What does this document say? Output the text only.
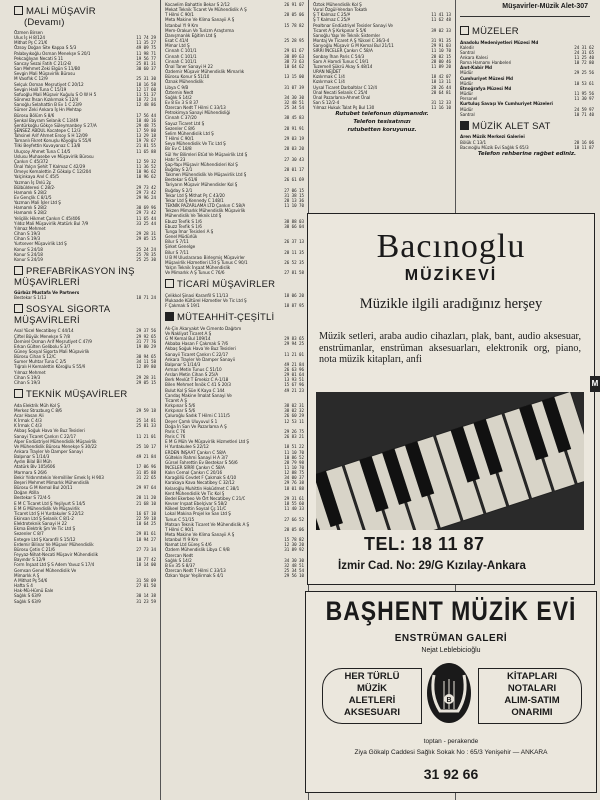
Müşavirler-Müzik Alet-307
MALİ MÜŞAVİR
(Devamı)
Özmen Birsen
Ulus İş H 8/124	11 74 29
Mithat Pş C 21/6	11 35 27
Özsoy Doğan Site Kappa S 5/3	49 09 75
Palabıyıkoğlu Osman Menekşe S 20/1	11 98 71
Pekcağlıyan Necati S 11	19 56 77
Sancay Sezai Fatih C 21/2-B	25 81 31
Sarı Mehmet Zeki Elgün S 11/B0	30 60 37
Sevgin Mali Müşavirlik Bürosu
M Vasıflık C 12/9	25 31 30
Selçuk Osman Meşrutiyet C 20/12	18 16 58
Sevgin Halil Tuna C 15/19	12 17 60
Sofuoğlu Mali Müşavir Kuğulu S O W H 5	11 51 37
Sönmez İhsan Kızılırmak S 12/4	18 72 24
Sarıoğlu Selahattin B Ev 1 C 23/9	12 48 86
Sümer Zeki Ankara İş Hn Mehtap
Bürosu Bölüm S 8/6	17 56 44
Şenkal Bayram Selanik C 13/49	18 40 16
Şentürkoğlu Gökçe Süleymanbey S 27/A	29 48 75
ŞENSEZ ABDUL Kocatepe C 12/3	17 59 80
Tahsinel Arif Ahmet Ersoy S H 12/09	13 29 18
Tomanlı Fikret Konuşlu Köyoğlu S 55/9	19 78 67
Tilki Beyfettin Kuvayanaz C 13/8	21 81 55
Uluçsoy Ahmet Tuna C 14/5	11 65 88
Uslusu Muhasebe ve Müşavirlik Bürosu
Çankırı C 45/372	12 59 32
Ünal Yalçın Şehit T Kalmaz C 42/29	11 36 52
Ümeys Kemalettin Z Gökalp C 12/204	10 96 62
Yalçinkaya Anıl C 45/5	10 96 62
Yazman İş Ünlü 2p
Bülbülderesi C 28/2-	29 73 42
Hamamlı S 28/2	29 73 42
Ev Gençlik C 8/1/5	29 96 24
Yazman Mali İşler Ltd Ş
Hamamlı S 28/2	30 69 96
Hamamlı S 28/2	29 73 42
Yeliçilik Hikmet Çankırı C 45/406	11 65 44
Yıldız Mali Müşavirlik Atatürk Bul 7/9	33 25 44
Yılmaz Mehmet
Cihan S 19/3	29 28 31
Cihan S 19/3	29 05 15
Yurtsever Müşavirlik Ltd Ş
Konur S 24/18	25 24 24
Konur S 24/18	25 78 35
Konur S 24/19	25 25 30
PREFABRİKASYON İNŞ MÜŞAVİRLERİ
Gürbüz Mustafa Ve Partners
Bestekar S 1/13	18 71 24
SOSYAL SİGORTA MÜŞAVİRLERİ
Asal Yücel Necatibey C 44/14	29 37 56
Çiftel Büyük Menekşe S 7/8	29 92 65
Demirel Osman Arif Meşrutiyet C 47/9	31 77 76
Erkan Gülten Gelibolu S 3/7	19 80 29
Güney Sosyal Sigorta Mali Müşavirlik
Bürosu Cihan S 12/C	30 94 65
Sumer Muhtar Tuna C 2/5	34 11 58
Tığralı H Kemalettin Köroğlu S 55/9	12 89 80
Yılmaz Mehmet
Cihan S 19/3	29 28 31
Cihan S 19/3	29 05 15
TEKNİK MÜŞAVİRLER
Ada Elektrik Müh Kol Ş
Merkez Strazburg C 8/6	29 59 18
Acar Hasan Ali
K İrmak C 4/3	25 14 81
K İrmak C 4/3	25 81 33
Akbaş Soğuk Hava Ve Buz Tesisleri
Sanayi Ticaret Çankırı C 22/17	11 21 01
Alper Endüstriyel Mühendislik Müşavirlik
Ve Mühendislik Bürosu Menekşe S 30/22	25 10 17
Ankara Trayler Ve Damper Sanayi
Balpınar S 1/14/3	49 21 84
Aydın Bilal Bil Müh
Atatürk Blv 105/606	17 06 96
Marmara S 26/6	31 85 88
Bekir Yıldırımtekin Vermilliler Emek İş H 903	31 22 65
Beşeri Mehmet Mimarlık Mühendislik
Bürosu G M Kemal Bul 20/11	29 97 64
Doğan Atilla
Bestekar S 72/4-5	28 11 20
E M C Ticaret Ltd Ş Yeşilyurt S 14/5	21 68 10
E M G Mühendislik Ve Müşavirlik
Ticaret Ltd Ş H Yurdakuler S 22/12	16 67 10
Ekinsan Ltd Ş Selanik C 8/1-2	22 59 18
Elektroteknik Sanayi H 22	10 64 25
Ekma Elektrik Şm Ve Tic Ltd Ş
Sezenler C 8/7	29 81 61
Entegre Ltd Ş Karanfil S 15/12	18 94 27
Erdemir Bilinar Ve Müşavir Mühendislik
Bürosu Çetin C 21/6	27 73 34
Feyyaz-Nihat-Necati Müşavir Mühendislik
Bayındır S 12/9	18 77 42
Form İnşaat Ltd Ş S Adem Yavuz S 17/4	18 14 00
Gemsan Genel Mühendislik Ve
Mimarlık A Ş
A Mithat Pş 54/6	31 58 09
Hafta S 4	27 01 50
Hak-Mü-Hümü Eale
Sağlık S 63/9	30 14 38
Sağlık S 63/9	31 23 59
Kocaelim Bahattin Bekar S 2/12	26 91 07
Mekat Teknik Ticaret Ve Mühendislik A Ş
T Hilmi C 90/1	28 05 06
Meta Makine Ve Klima Sanayii A Ş
İstanbul Yl 9 Km	15 78 82
Mem-Orakun Ve Turizm Araştırma
Danışmanlık Eğitim Ltd Ş
Esat C 41/4	25 28 95
Mimar Ltd Ş
Cinnah C 101/1	29 61 67
Cinnah C 101/1	38 89 63
Cinnah C 101/1	38 73 63
Önal Taner Sanayi H 22	10 64 62
Özdemir Müşavir Mühendislik Mimarlık
Bürosu Konur S 51/10	13 15 00
Öznak Mühendislik
Libya C 9/B	31 07 39
Öztemin Nedt
Sağlık S 14/2	34 30 30
Ev 8 Ev 3 S 8 37	32 48 51
Özercan Nedt T Hilmi C 33/13	25 34 54
Petrokimya Sanayi Mühendisliği
Cinnah C 37/20	38 45 83
Sayuz Ticaret Ltd Ş
Sezenler C 8/6	28 91 91
Selim Mühendislik Ltd Ş
T Hilmi C 90/1	29 03 19
Seyo Mühendislik Ve Tic Ltd Ş
Bir Ev C 18/8	28 03 20
Sül Yer Bilimleri Etüd Ve Müşavirlik Ltd Ş
Hatır S 23	27 30 43
Şap-Yapı Müşavir Mühendisleri Kol Ş
Buğday S 2/1	28 01 17
Takmen Mühendislik Ve Müşavirlik Ltd Ş
Bestekar S 61/8	26 61 69
Tariyarın Müşavir Mühendisler Kol Ş
Buğday S 2/1	27 06 15
Tekar Ltd Ş Mithat Pş C 43/20	31 38 15
Tekar Ltd Ş Kennedy C 148/1	28 13 36
TEKNİK PAZARLAMA LTD Çankırı C 58/A	11 10 70
Tekzen Mimarlık Mühendislik Müşavirlik
Mühendislik Ve Teknik Ltd Ş
Ebuzz Tevfik S 1/6	38 88 03
Ebuzz Tevfik S 1/6	38 66 04
Tunga İmar Tesisleri A Ş
Genel Müdürlük
Bilur S 7/11	26 37 13
Şirket Genelge
Bilur S 7/11	28 11 35
U B M Uluslararası Birleşmiş Müşavirler
Müşavirlik Hizmetleri LTd Ş Tunus C 90/1	26 52 35
Yalçın Teknik İnşaat Mühendislik
Ve Mimarlık A Ş Tunus C 76/6	27 81 58
TİCARİ MÜŞAVİRLER
Çelikkol Şinasi Karanfil S 11/13	18 06 20
Mukaade Kültürel Hizmetler Ve Tic Ltd Ş
F Çakmak S 19/1	18 87 95
MÜTEAHHİT-ÇEŞİTLİ
Ak-Çin Akaryakıt Ve Cimento Dağıtım
Ve Nakliyat Ticaret A Ş
G M Kemal Bul 109/14	29 83 65
Akbaba Hasan F Çakmak S 7/6	29 94 25
Akbaş Soğuk Hava Ve Buz Tesisleri
Sanayii Ticaret Çankırı C 22/17	11 21 01
Ankara Trayler Ve Damper Sanayii
Balpınar S 1/14/3	49 21 84
Arman Metin Tunus C 51/10	26 63 96
Arslan Metin Cihan S 25/A	29 01 64
Berk Mevlüt T Emekiz C A-1/18	13 93 51
Bilen Mehmet İnnök C 41 S 20/3	15 67 96
Bulut Kol Ş Süe K Kaya C 144	49 21 23
Candaş Makine İmalat Sanayi Ve
Ticaret A Ş
Kırkpınar S 5/6	38 02 31
Kırkpınar S 5/6	38 02 32
Çaluroğlu Sadık T Hilmi C 111/5	26 60 29
Deyer Çamlı Uluyuvul S 1	12 53 11
Doğa İn San Ve Pazarlama A Ş
Paris C 76	29 26 75
Paris C 76	26 83 21
E M G Müh Ve Müşavirlik Hizmetleri Ltd Ş
H Yurdakulee S 22/12	18 51 22
ERDEN İNŞAAT Çankırı C 58/A	11 10 70
Gültekin Rahmi Sanayi H A 3/7	10 86 52
Gürsel Fahrettin Ev Bestekar S 56/6	28 79 98
İNCELER SİRRİ Çankırı C 58/A	11 10 70
Kalın Cemal Çankırı C 20/16	12 88 75
Karagöllü Cevdet F Çakmak S 4/10	34 00 37
Karakaya Kava Necatibey C 32/12	29 76 38
Kelaroğlu Muhittin Hoküdmet C 38/1	18 01 88
Kent Mühendislik Ve Tic Kol Ş
Bedel Ekerbeo Ve Ört Necatibey C 21/C	29 31 61
Kevser Inşaat Ebelçivar S 58/2	18 55 60
Kökeel İzzettin Soysal Çş 11/C	11 40 33
Lokal Makina Projel ke San Ltd Ş
Tunus C 51/15	27 66 52
Matsan Teknik Ticaret Ve Mühendislik A Ş
T Hilmi C 90/1	28 05 06
Meta Makine Ve Klima Sanayii A Ş
İstanbul Yl 9 Km	15 78 82
Namat Ltd Güreş S 4/6	12 30 20
Özdem Mühendislik Libya C 9/B	31 89 92
Özercan Nedt
Sağlık S 14/2	34 30 30
B Ev 35 S 8/37	32 48 51
Özercan Nedt T Hilmi C 33/13	25 34 54
Özkan Yaşar Yeşilirmak S 4/1	29 56 10
Öztok Mühendislik Kol Ş
Vural Özgül-Vendan Tokatlı
Ş T Kalmaz C 25/A	11 41 13
Ş T Kalmaz C 25/A	11 62 48
Pealtınar Endüstriyel Tesisler Sanayi Ve
Ticaret A Ş Kırkpınar S 5/6	39 02 33
Sarıoğlu Yapı Ve Teknik Sistemler
Montaj Ve Ticaret A Ş Yüksel C 36/3-4	31 91 35
Sarıyoğlu Müşavir G M Kemal Bul 21/11	29 91 03
SIRRI İNCELER Çankırı C 58/A	11 10 70
Sonbay İhan Paris C 54/3	28 02 15
Sam A Hamdi Tunus C 19/1	28 00 46
Tuzemell Şükrü Akay S 48/14	11 89 20
URAN NEJDET
Kızılırmak C 1/4	18 42 07
Kızılırmak C 1/4	18 13 11
Uysal Ticaret Darbaltılar C 12/4	28 26 44
Ünal Necati Selanik C 25/4	28 64 81
Ünal Pazarlama-Ahmet Ünal
San S 12/2-4	31 12 33
Yılmaz Hukuk Talat Pş Bul 130	11 16 10
Rutubet telefonun düşmanıdır.
Telefon tesisatınızı
rutubetten koruyunuz.
MÜZELER
Anadolu Medeniyetleri Müzesi Md
Kaledir	24 31 62
Santral	24 31 65
Ankara Kalesi	11 25 40
Roma Hamamı Hanbeleri	10 72 80
Anıt-Kabir Md
Müdür	29 25 56
Cumhuriyet Müzesi Md
Müdür	10 53 61
Etnoğrafya Müzesi Md
Müdür	11 95 56
Personel	11 30 97
Kurtuluş Savaşı Ve Cumhuriyet Müzeleri
Müdür	24 59 97
Santral	10 71 40
MÜZİK ALET SAT
Aren Müzik Merkezi Galeriei
Bölük C 13/1	28 16 06
Bacınoğlu Müzik Evi Sağlık S 65/3	18 11 87
Telefon rehberine rağbet ediniz.
Bacınoglu
MÜZİKEVİ
Müzikle ilgili aradığınız herşey
Müzik setleri, araba audio cihazları, plak, bant, audio aksesuar, enstrümanlar, enstrüman aksesuarları, elektronik org, piano, nota müzik kitapları, anfi
TEL: 18 11 87
İzmir Cad. No: 29/G Kızılay-Ankara
BAŞHENT MÜZİK EVİ
ENSTRÜMAN GALERİ
Nejat Leblebicioğlu
HER TÜRLÜ
MÜZİK
ALETLERİ
AKSESUARI
B
KİTAPLARI
NOTALARI
ALIM-SATIM
ONARIMI
toptan - perakende
Ziya Gökalp Caddesi Sağlık Sokak No : 65/3 Yenişehir — ANKARA
31 92 66
M
